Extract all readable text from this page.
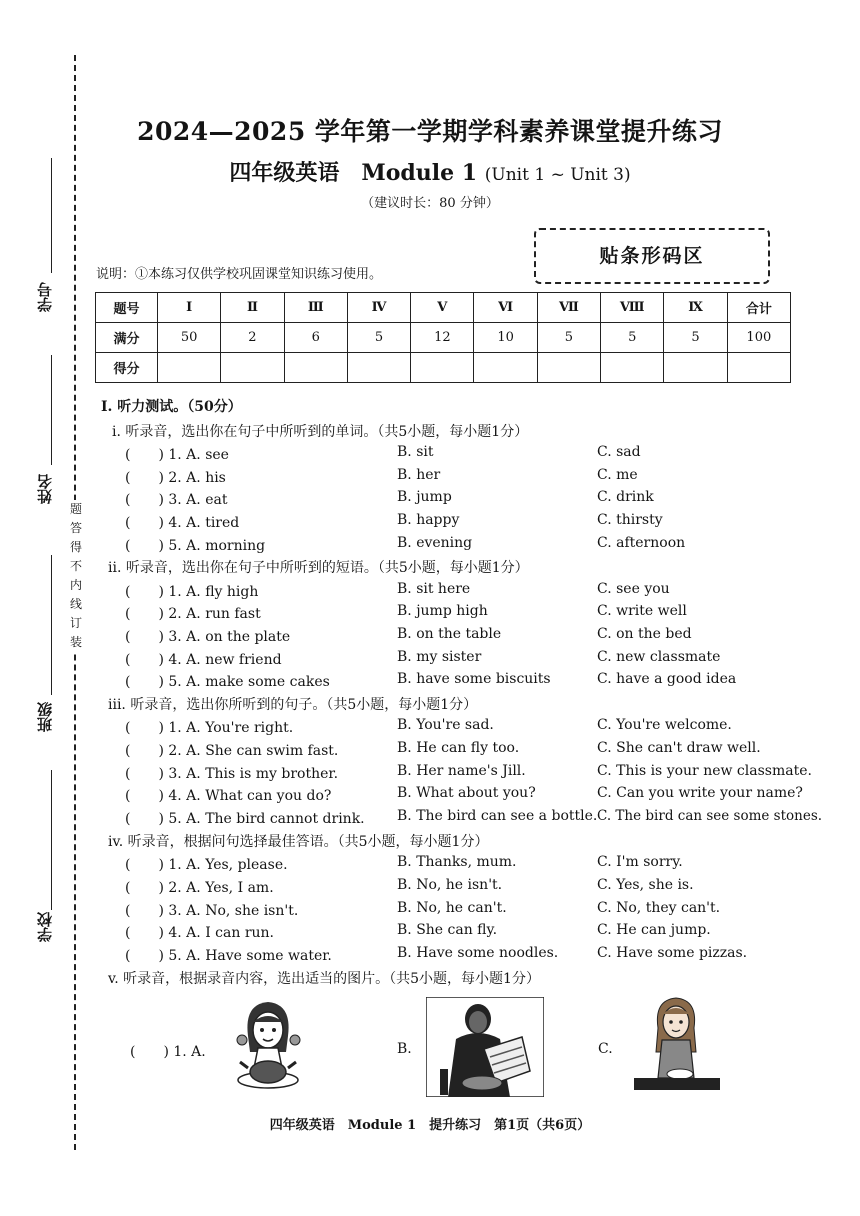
学号
姓名
班级
学校
题
答
得
不
内
线
订
装
2024—2025 学年第一学期学科素养课堂提升练习
四年级英语　Module 1 (Unit 1 ~ Unit 3)
（建议时长：80 分钟）
贴条形码区
说明：①本练习仅供学校巩固课堂知识练习使用。
题号	Ⅰ	Ⅱ	Ⅲ	Ⅳ	Ⅴ	Ⅵ	Ⅶ	Ⅷ	Ⅸ	合计
满分	50	2	6	5	12	10	5	5	5	100
得分										
Ⅰ. 听力测试。（50分）
i. 听录音，选出你在句子中所听到的单词。（共5小题，每小题1分）
(　　) 1. A. see	B. sit	C. sad
(　　) 2. A. his	B. her	C. me
(　　) 3. A. eat	B. jump	C. drink
(　　) 4. A. tired	B. happy	C. thirsty
(　　) 5. A. morning	B. evening	C. afternoon
ii. 听录音，选出你在句子中所听到的短语。（共5小题，每小题1分）
(　　) 1. A. fly high	B. sit here	C. see you
(　　) 2. A. run fast	B. jump high	C. write well
(　　) 3. A. on the plate	B. on the table	C. on the bed
(　　) 4. A. new friend	B. my sister	C. new classmate
(　　) 5. A. make some cakes	B. have some biscuits	C. have a good idea
iii. 听录音，选出你所听到的句子。（共5小题，每小题1分）
(　　) 1. A. You're right.	B. You're sad.	C. You're welcome.
(　　) 2. A. She can swim fast.	B. He can fly too.	C. She can't draw well.
(　　) 3. A. This is my brother.	B. Her name's Jill.	C. This is your new classmate.
(　　) 4. A. What can you do?	B. What about you?	C. Can you write your name?
(　　) 5. A. The bird cannot drink. B. The bird can see a bottle. C. The bird can see some stones.
iv. 听录音，根据问句选择最佳答语。（共5小题，每小题1分）
(　　) 1. A. Yes, please.	B. Thanks, mum.	C. I'm sorry.
(　　) 2. A. Yes, I am.	B. No, he isn't.	C. Yes, she is.
(　　) 3. A. No, she isn't.	B. No, he can't.	C. No, they can't.
(　　) 4. A. I can run.	B. She can fly.	C. He can jump.
(　　) 5. A. Have some water.	B. Have some noodles.	C. Have some pizzas.
v. 听录音，根据录音内容，选出适当的图片。（共5小题，每小题1分）
(　　) 1. A.	B.	C.
四年级英语　Module 1　提升练习　第1页（共6页）
